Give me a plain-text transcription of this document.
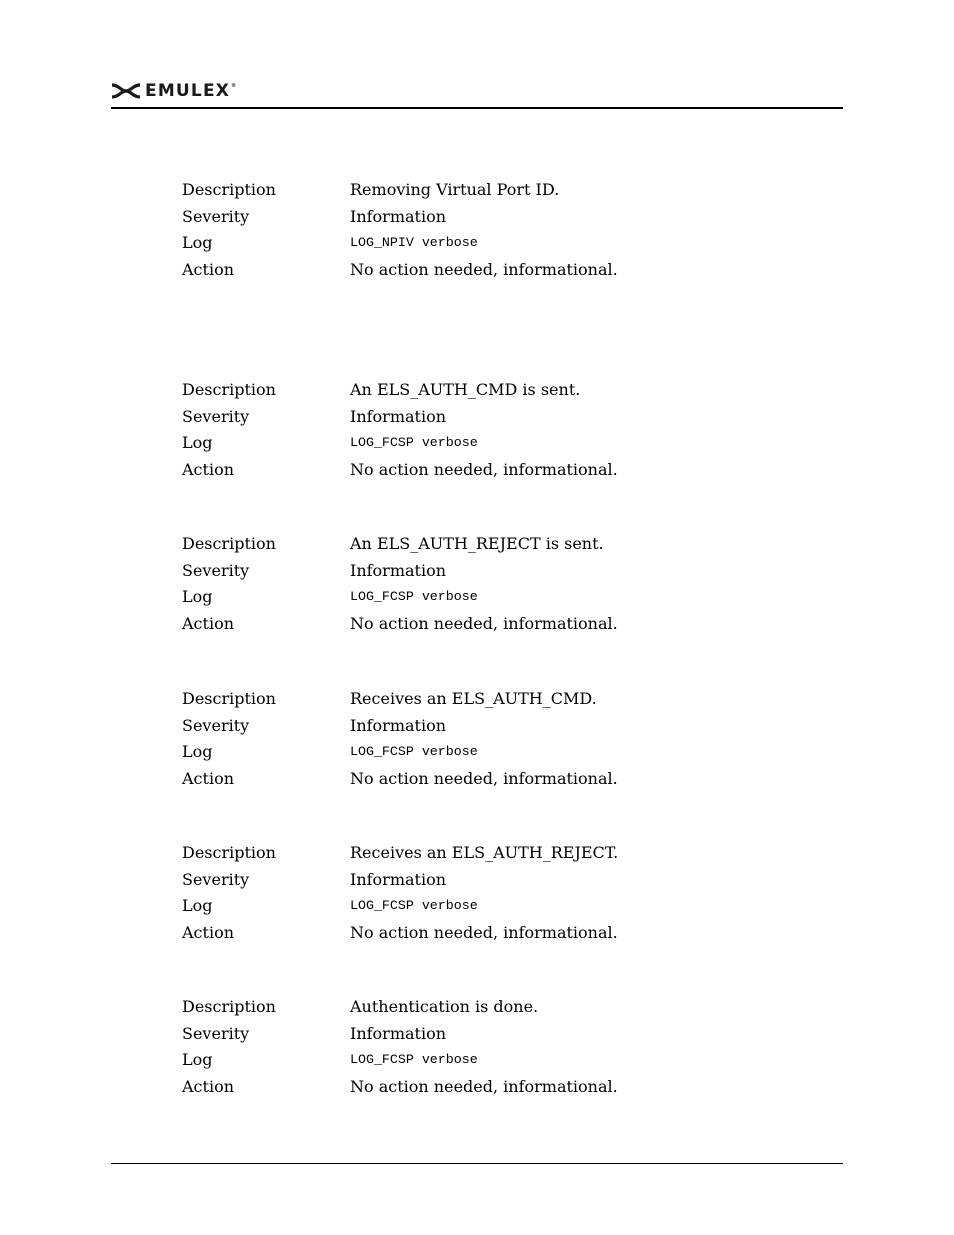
EMULEX®
Description	Removing Virtual Port ID.
Severity	Information
Log	LOG_NPIV verbose
Action	No action needed, informational.
Description	An ELS_AUTH_CMD is sent.
Severity	Information
Log	LOG_FCSP verbose
Action	No action needed, informational.
Description	An ELS_AUTH_REJECT is sent.
Severity	Information
Log	LOG_FCSP verbose
Action	No action needed, informational.
Description	Receives an ELS_AUTH_CMD.
Severity	Information
Log	LOG_FCSP verbose
Action	No action needed, informational.
Description	Receives an ELS_AUTH_REJECT.
Severity	Information
Log	LOG_FCSP verbose
Action	No action needed, informational.
Description	Authentication is done.
Severity	Information
Log	LOG_FCSP verbose
Action	No action needed, informational.
